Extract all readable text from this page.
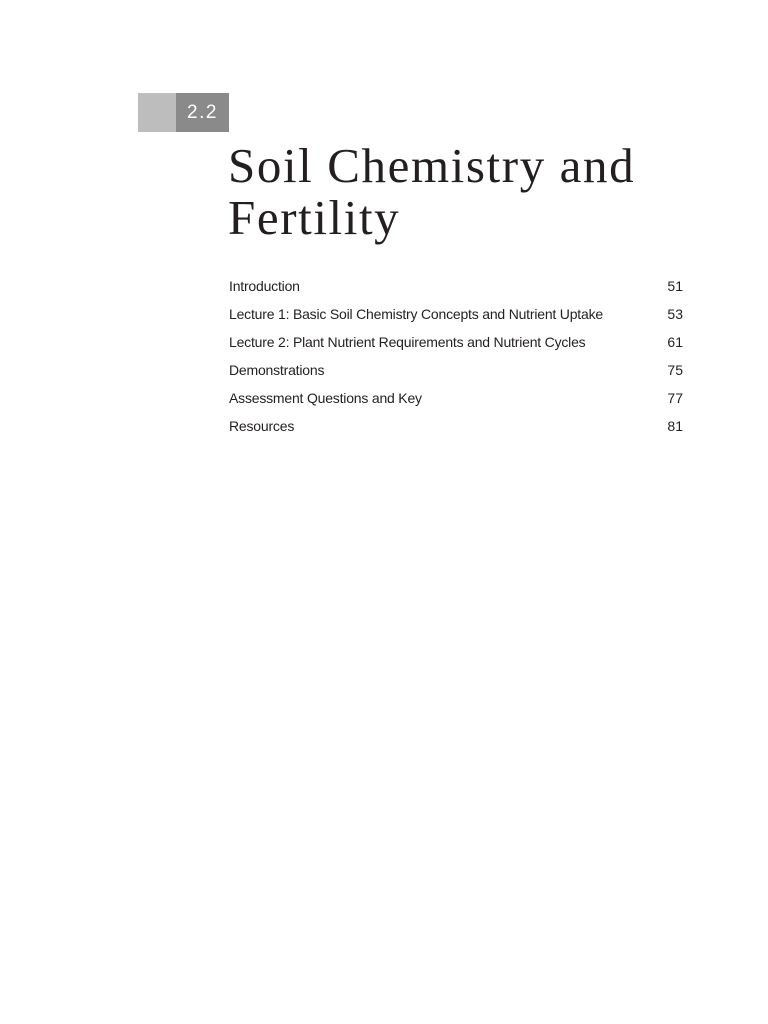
2.2
Soil Chemistry and
Fertility
Introduction	51
Lecture 1: Basic Soil Chemistry Concepts and Nutrient Uptake	53
Lecture 2: Plant Nutrient Requirements and Nutrient Cycles	61
Demonstrations	75
Assessment Questions and Key	77
Resources	81
